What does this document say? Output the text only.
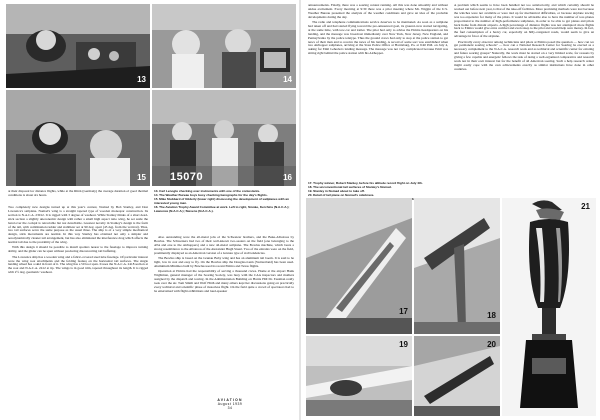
13	14
15 15070	16

at their disposal for distance flights, while at the Rhön (Germany) the average duration of good thermal conditions is about six hours.

Two completely new designs turned up at this year's contest, Nomad by Bob Stanley, and Don Lawrence's sailplane. Nomad's wing is a straight tapered type of wooden monospar construction. Its section is N.A.C.A. 23012. It is rigged with 3 degree of washout. While Stanley thinks of a short dead-stick section a slightly uneconomic design with rather a small high aspect ratio wing, he set aside the bend over the cockpit is retractable but not detachable. Greatest novelty in Stanley's design is the form of the tail, with combination rudder and stabilizer set at 90 deg. apart (45 deg. from the vertical). Thus, two tail surfaces serve the same purpose as the usual three. The ship is of a very simple mechanical design, stick movements are normal. In this way Stanley has obtained not only a simpler and aerodynamically cleaner tail arrangement, but has also eliminated the interference drag which affects the normal tail due to the proximity of the wing.

With this design it should be possible to install spoilers nearer to the fuselage to improve turning ability, and the glider can be spun without producing disconcerting tail buffeting.

The Lawrence ship has a wooden wing and a fabric-covered steel tube fuselage. Of particular interest were the wing root attachments and the folding feature on the horizontal tail surfaces. The single landing wheel has a skid in front of it. The wing has a 50 foot span. It uses the N.A.C.A. 2418 section at the root and N.A.C.A. 2412 at tip. The wings is in good trim, tapered throughout its length. It is rigged with 2½ deg. geometric washout.

13. Carl Lenoglu checking over instruments with one of the contestants.
14. The Weather Bureau boys busy checking barographs for the day's flights.
15. Mike Stubbard of Gliderly (lower right) discussing the development of sailplanes with an interested young man.
16. The Aviation Trophy Award Committee at work. Left to right, Smoke, Kerchins (N.A.C.A.); Lawrence (N.A.C.A.); Stevens (N.A.C.A.).

Also outstanding were the all-metal jobs of the Schweizer brothers, and the Bake-Albatross by Bowlus. The Schweizers had two of their well-known two-seaters on the field (one belonging to the ATA and one to the Airhoppers) and a new all-metal sailplane. The Bowlus machine, which bears a strong resemblance to the Albatross of the Alexander Hugh Stuart. Two of the entrants were on the field, prominently displayed as an American version of a Grunau type of stall tendencies.

The Bowlus ship is based on the Grunau Baby wing and has an aluminum tail boom. It is said to be light, low in cost and easy to fly. On the Bowlus ship the Douglas-Lunn (Switzerland) has been used. Aluminium Minimoa built by Bowlus used its recent Elmira and Texas flights.

Operation at Elmira had the responsibility of serving a thousand crews. Home at the airport Hank Wightman, general manager of the Soaring Society, was busy with the CAA inspectors and mothers assigned by the dispatch and towing. In the Administration Building on Harris Hill Dr. Eastman really took over the air. Tom Smith and Wolf Hirth and many others kept her discussions going on practically every technical and scientific phase of motorless flight. On the field quite a crowd of spectators had to be entertained with flight exhibitions and loud-speaker

AVIATION
August 1939
34

announcements. Finally, there was a soaring contest running. All this was done smoothly and without undue excitement. Every morning at 9:30 there was a pilot meeting where Mr. Wiggin of the U.S. Weather Bureau presented the analysis of the weather conditions and gave an idea of the probable developments during the day.

The radio and telephone communications service deserves to be mentioned. As soon as a sailplane had taken off and had started flying toward the pre-announced goal, its ground-crew started navigating, at the same time, with tow-car and trailer. The pilot had only to advise the Elmira headquarters on his landing, and the message was broadcast immediately over New York, New Jersey, New England, and Pennsylvania by the police teletype. Thus the ground crews had only to stop at the police station to get news of their man and to receive the news of his landing. A record of some sort was established when two Airhopper sailplanes, arriving at the State Police Office at Harrisburg, Pa. at 9:40 P.M. on July 4, asking for Emil Lehecka's landing message. The message was not very complicated because Emil was sitting right behind the police station with his Airhopper.

17. Trophy winner, Robert Stanley, before his altitude record flight on July 4th.
18. The unconventional tail surfaces of Stanley's Nomad.
19. Stanley in Nomad about to take off.
20. Detail of tail plane on Nomad's sidebrace.

A problem which seems to have been handled not too satisfactorily, and which certainly should be worked out before next year, is that of the take-off facilities. More promising methods were lost because the winches were not available or were tied up for mechanical difficulties, or because airplane towing was too expensive for many of the pilots. It would be advisable also to have the number of tow-planes proportional to the number of high-performance sailplanes, in order to be able to get planes and pilots back home from distant airports. A high percentage of distance flights was not attempted: more flights back to Elmira would give extra comfort and even sleep to the pilot and would help save money. In fact, the fuel consumption of a heavy car, especially on hilly-congested roads, would seem to give an advantage in favor of the airplane.

Practically every observer among technicians and pilots at Elmira posed the question — how can we get permanent soaring schools? — how can a National Research Center for Soaring be erected as a necessary complement to the N.A.C.A. research work and as technical and scientific center for existing and future soaring groups? Naturally, the work must be started on a very limited scale, for reasons by giving a few capable and energetic fellows the task of doing a well-organized comparative and research work not in their own interest but for the benefit of all American soaring. Such a help research center might easily cope with the own achievements exactly as similar institutions have done in other countries.

17	18
19	20
21
